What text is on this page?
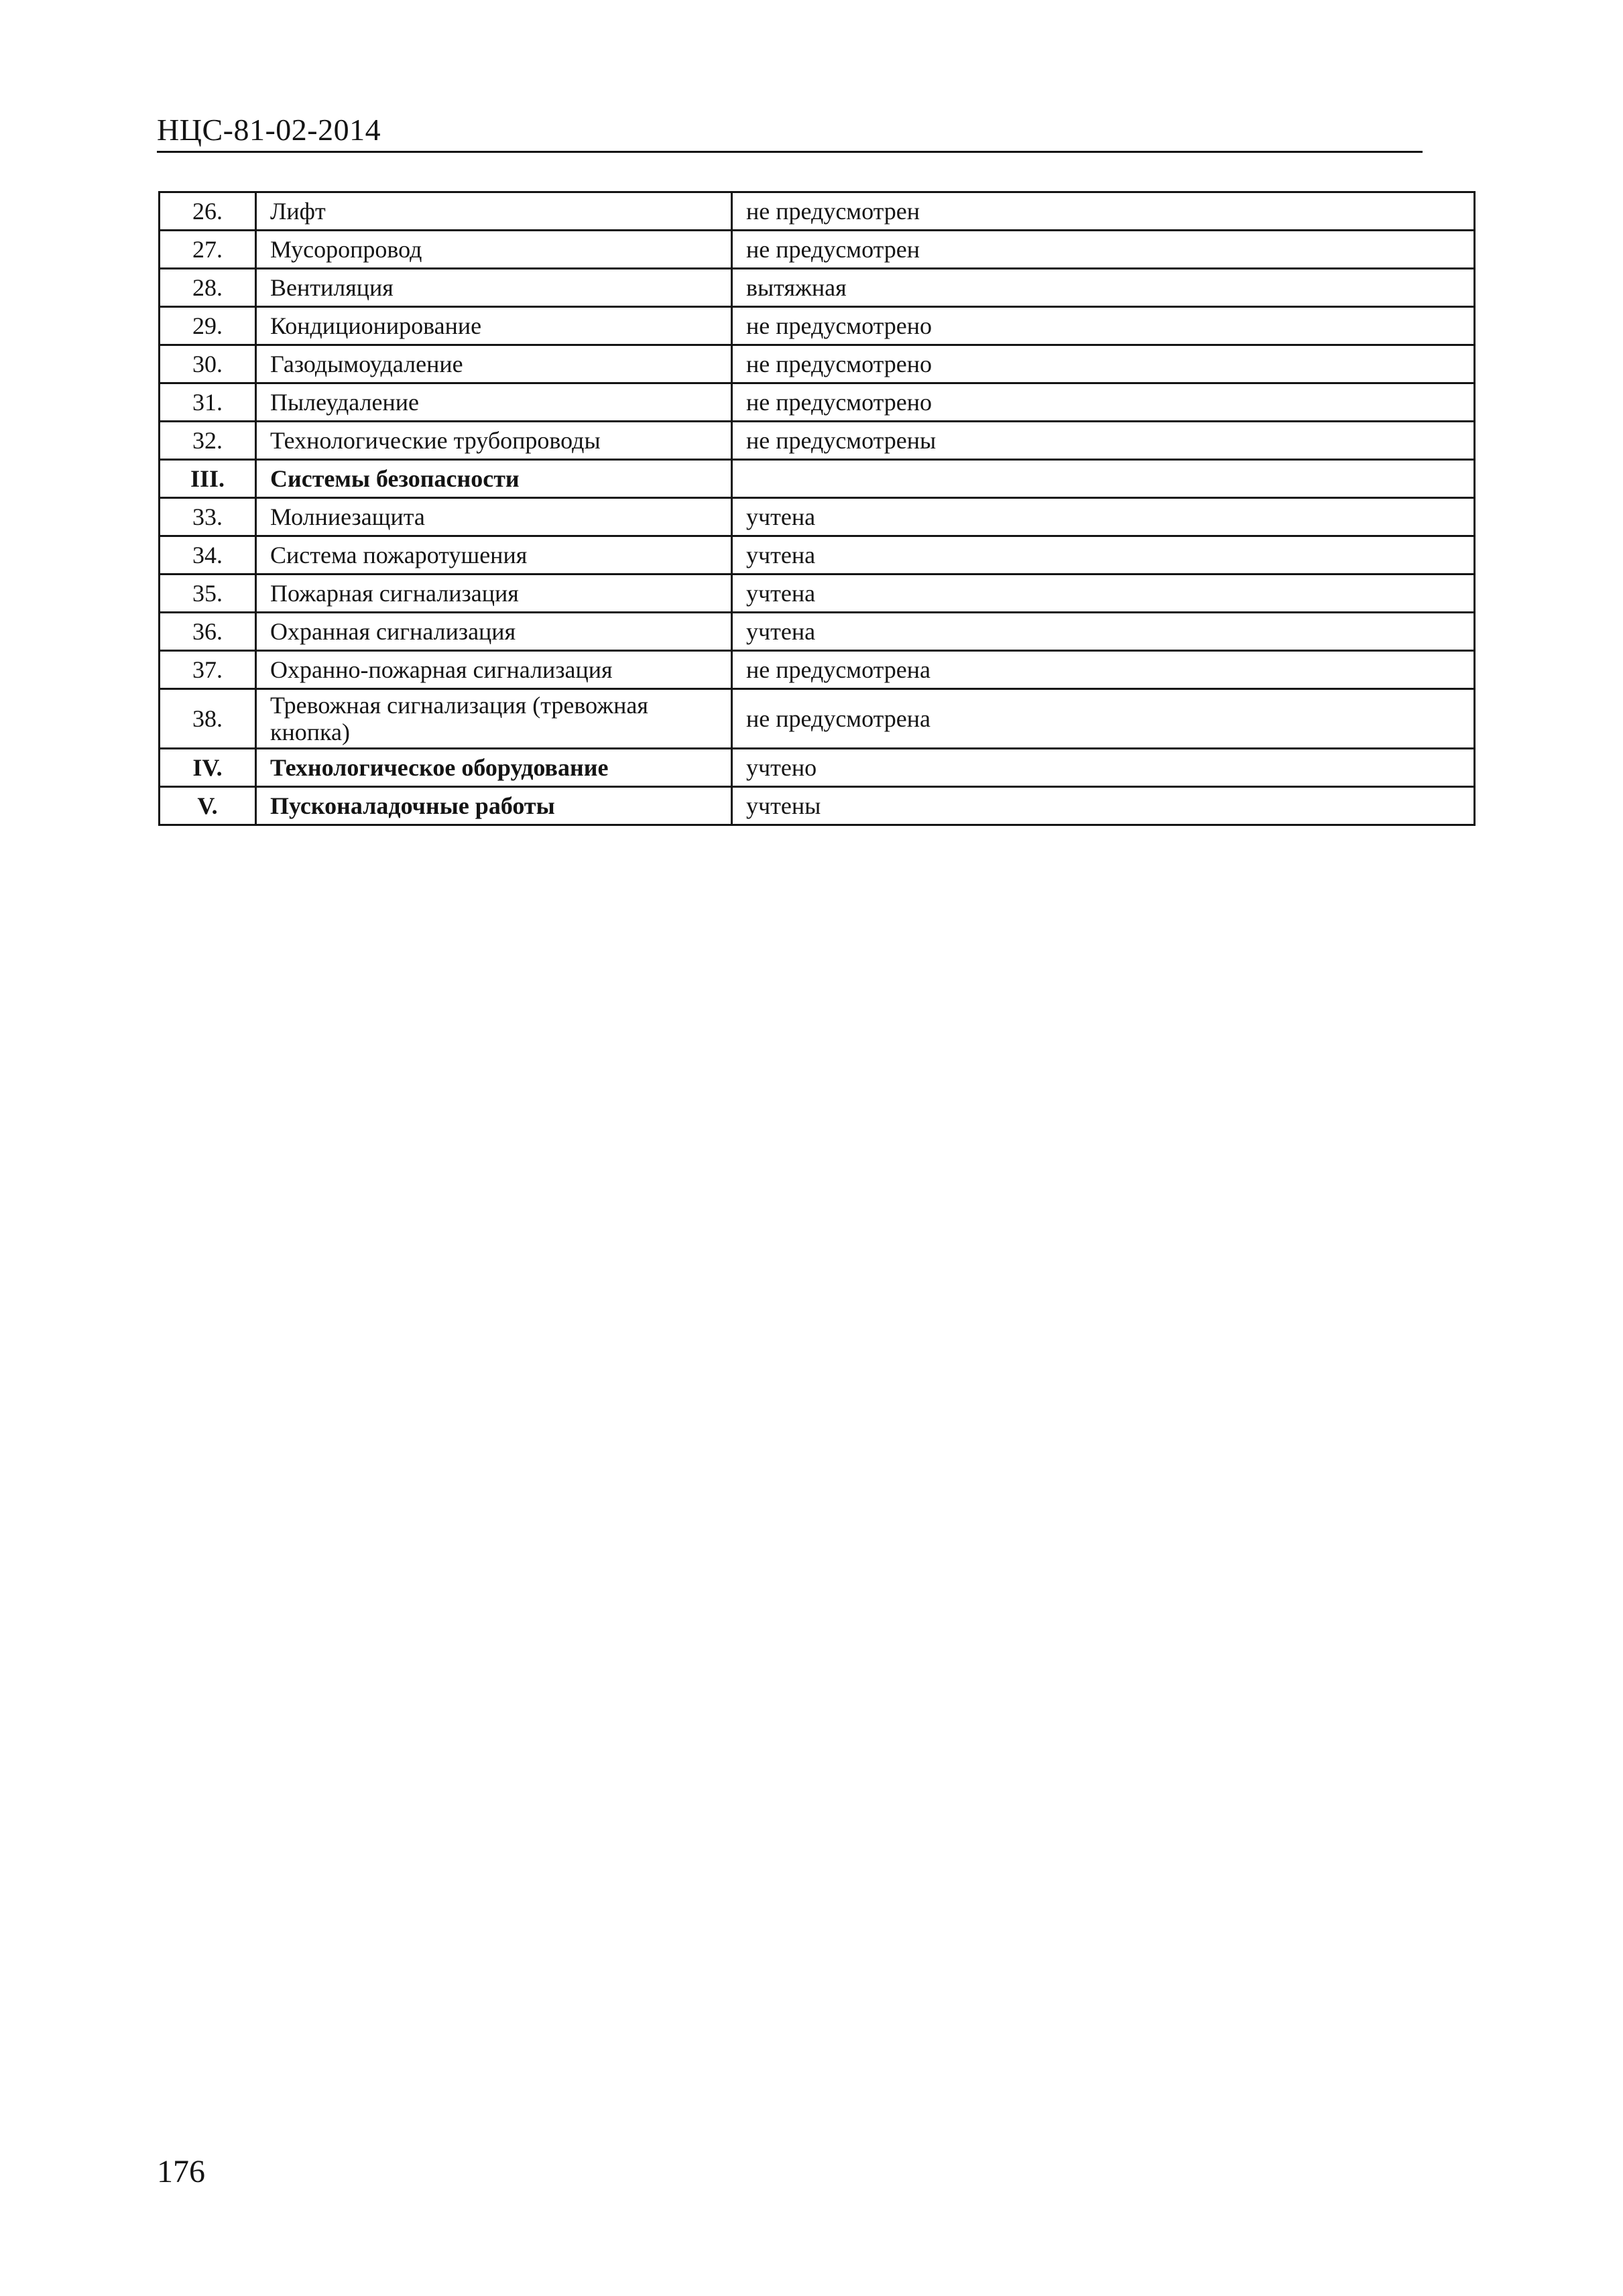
НЦС-81-02-2014
26.	Лифт	не предусмотрен
27.	Мусоропровод	не предусмотрен
28.	Вентиляция	вытяжная
29.	Кондиционирование	не предусмотрено
30.	Газодымоудаление	не предусмотрено
31.	Пылеудаление	не предусмотрено
32.	Технологические трубопроводы	не предусмотрены
III.	Системы безопасности	
33.	Молниезащита	учтена
34.	Система пожаротушения	учтена
35.	Пожарная сигнализация	учтена
36.	Охранная сигнализация	учтена
37.	Охранно-пожарная сигнализация	не предусмотрена
38.	Тревожная сигнализация (тревожная кнопка)	не предусмотрена
IV.	Технологическое оборудование	учтено
V.	Пусконаладочные работы	учтены
176
